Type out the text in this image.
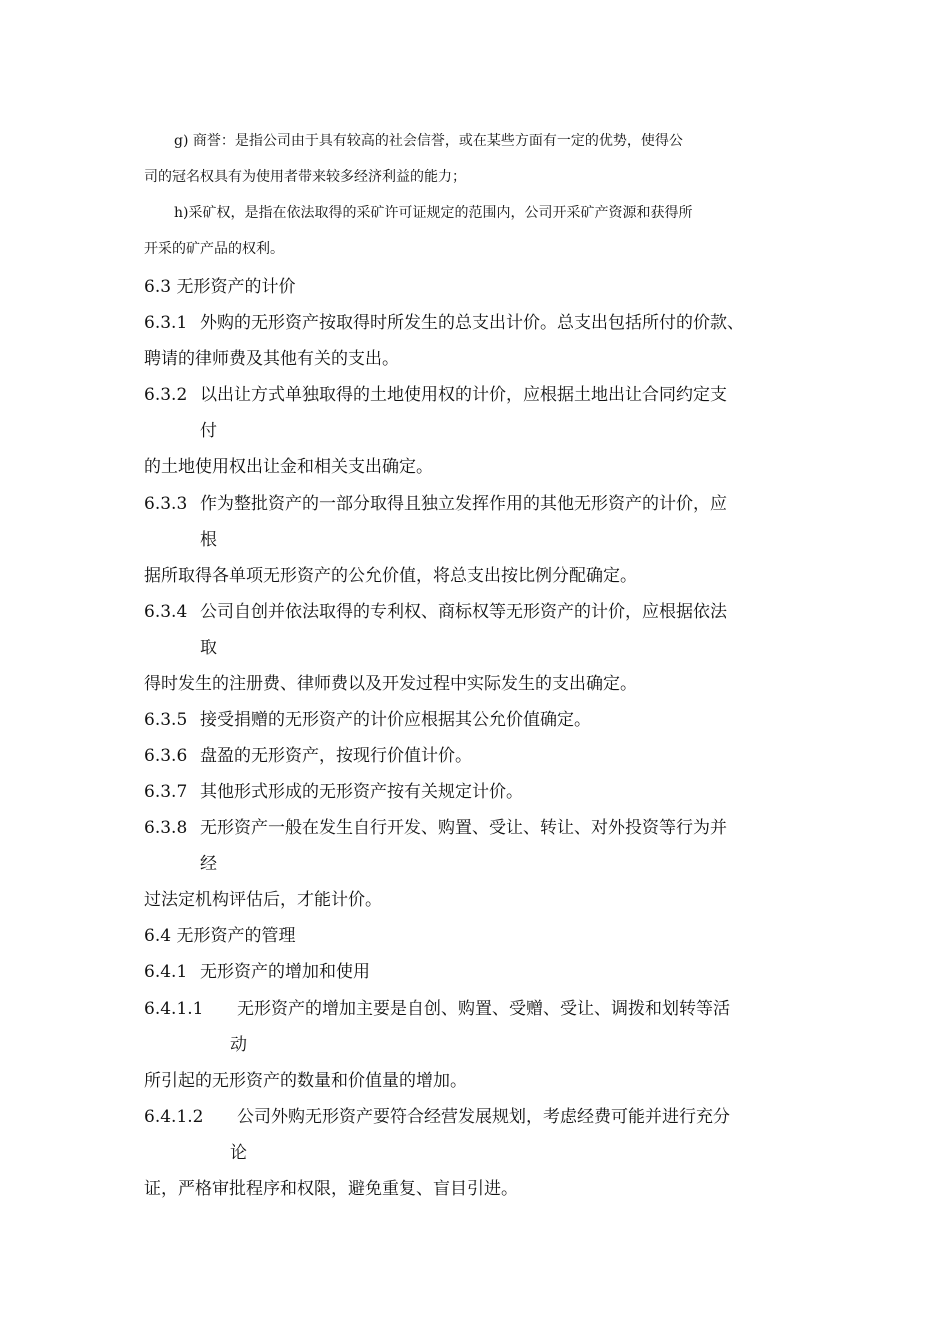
g) 商誉：是指公司由于具有较高的社会信誉，或在某些方面有一定的优势，使得公
司的冠名权具有为使用者带来较多经济利益的能力；
h)采矿权，是指在依法取得的采矿许可证规定的范围内，公司开采矿产资源和获得所
开采的矿产品的权利。
6.3 无形资产的计价
6.3.1 外购的无形资产按取得时所发生的总支出计价。总支出包括所付的价款、
聘请的律师费及其他有关的支出。
6.3.2 以出让方式单独取得的土地使用权的计价，应根据土地出让合同约定支
付
的土地使用权出让金和相关支出确定。
6.3.3 作为整批资产的一部分取得且独立发挥作用的其他无形资产的计价，应
根
据所取得各单项无形资产的公允价值，将总支出按比例分配确定。
6.3.4 公司自创并依法取得的专利权、商标权等无形资产的计价，应根据依法
取
得时发生的注册费、律师费以及开发过程中实际发生的支出确定。
6.3.5 接受捐赠的无形资产的计价应根据其公允价值确定。
6.3.6 盘盈的无形资产，按现行价值计价。
6.3.7 其他形式形成的无形资产按有关规定计价。
6.3.8 无形资产一般在发生自行开发、购置、受让、转让、对外投资等行为并
经
过法定机构评估后，才能计价。
6.4 无形资产的管理
6.4.1 无形资产的增加和使用
6.4.1.1 无形资产的增加主要是自创、购置、受赠、受让、调拨和划转等活
动
所引起的无形资产的数量和价值量的增加。
6.4.1.2 公司外购无形资产要符合经营发展规划，考虑经费可能并进行充分
论
证，严格审批程序和权限，避免重复、盲目引进。
